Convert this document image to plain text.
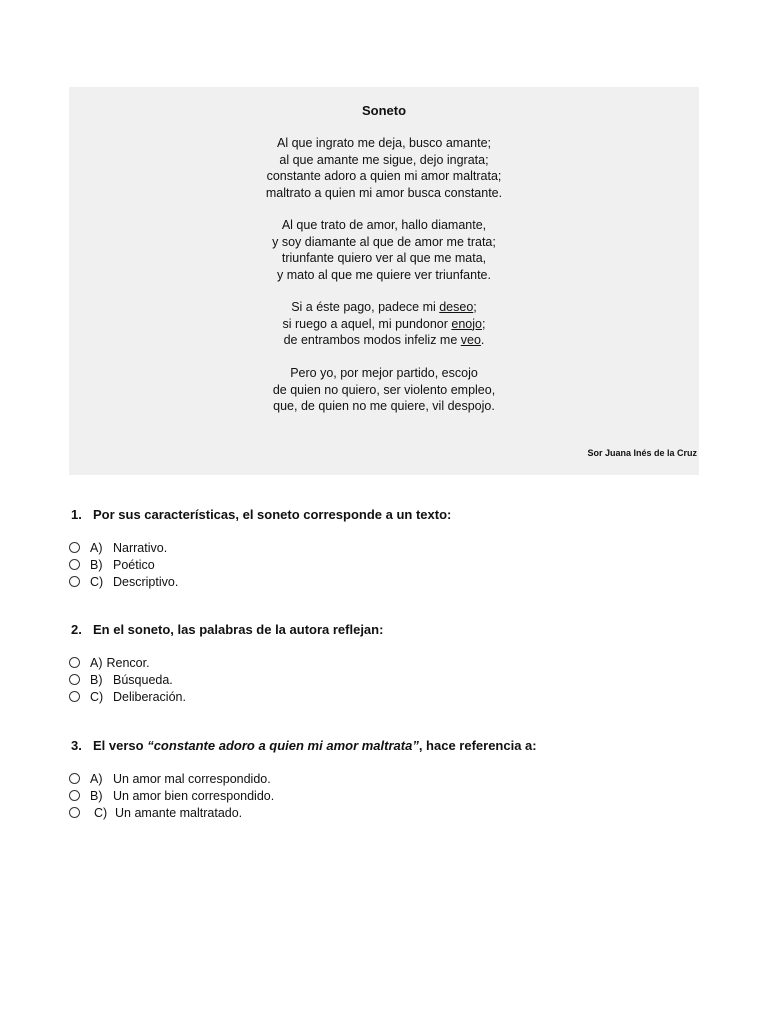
Soneto
Al que ingrato me deja, busco amante;
al que amante me sigue, dejo ingrata;
constante adoro a quien mi amor maltrata;
maltrato a quien mi amor busca constante.
Al que trato de amor, hallo diamante,
y soy diamante al que de amor me trata;
triunfante quiero ver al que me mata,
y mato al que me quiere ver triunfante.
Si a éste pago, padece mi deseo;
si ruego a aquel, mi pundonor enojo;
de entrambos modos infeliz me veo.
Pero yo, por mejor partido, escojo
de quien no quiero, ser violento empleo,
que, de quien no me quiere, vil despojo.
Sor Juana Inés de la Cruz
1. Por sus características, el soneto corresponde a un texto:
A) Narrativo.
B) Poético
C) Descriptivo.
2. En el soneto, las palabras de la autora reflejan:
A) Rencor.
B) Búsqueda.
C) Deliberación.
3. El verso “constante adoro a quien mi amor maltrata”, hace referencia a:
A) Un amor mal correspondido.
B) Un amor bien correspondido.
C) Un amante maltratado.
